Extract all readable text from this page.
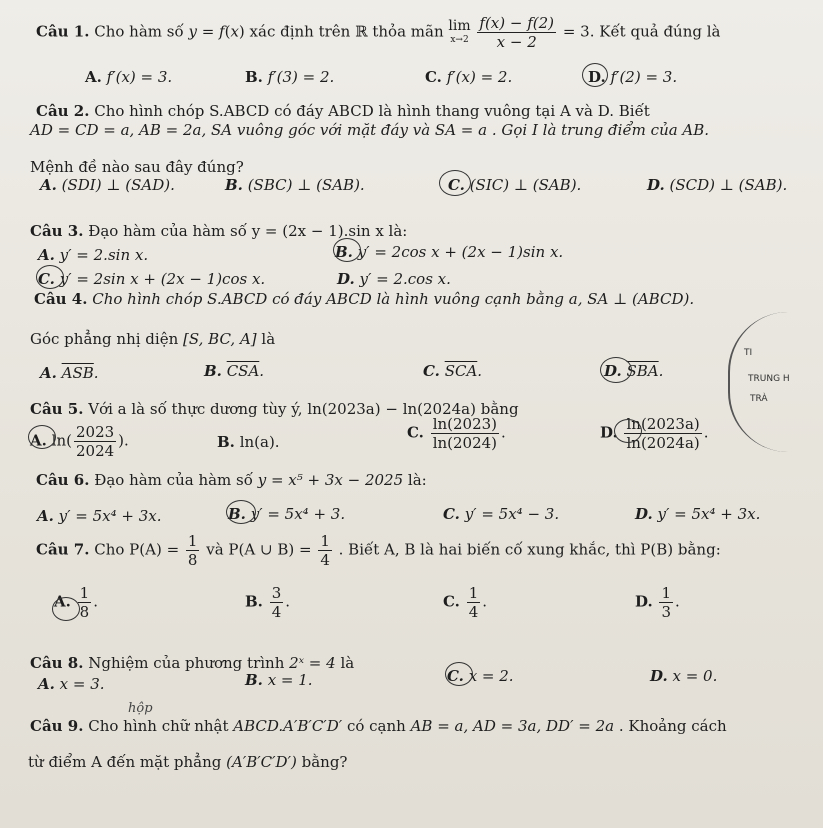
Câu 1. Cho hàm số y = f(x) xác định trên ℝ thỏa mãn lim
x→2
$\frac{f(x) - f(2)}{x - 2} = 3$. Kết quả đúng là
A. f′(x) = 3.	B. f′(3) = 2.	C. f′(x) = 2.	D. f′(2) = 3.
Câu 2. Cho hình chóp S.ABCD có đáy ABCD là hình thang vuông tại A và D. Biết
AD = CD = a, AB = 2a, SA vuông góc với mặt đáy và SA = a . Gọi I là trung điểm của AB.
Mệnh đề nào sau đây đúng?
A. (SDI) ⊥ (SAD).	B. (SBC) ⊥ (SAB).	C. (SIC) ⊥ (SAB).	D. (SCD) ⊥ (SAB).
Câu 3. Đạo hàm của hàm số y = (2x − 1).sin x là:
A. y′ = 2.sin x.	B. y′ = 2cos x + (2x − 1)sin x.
C. y′ = 2sin x + (2x − 1)cos x.	D. y′ = 2.cos x.
Câu 4. Cho hình chóp S.ABCD có đáy ABCD là hình vuông cạnh bằng a, SA ⊥ (ABCD).
Góc phẳng nhị diện [S, BC, A] là
A. $\overline{ASB}$.	B. $\overline{CSA}$.	C. $\overline{SCA}$.	D. $\overline{SBA}$.
Câu 5. Với a là số thực dương tùy ý, ln(2023a) − ln(2024a) bằng
A. $\ln( \frac{2023}{2024}$ ).	B. ln(a).
C. $\frac{\ln(2023)}{\ln(2024)}$ .	D. $\frac{\ln(2023a)}{\ln(2024a)}$ .
Câu 6. Đạo hàm của hàm số y = x⁵ + 3x − 2025 là:
A. y′ = 5x⁴ + 3x.	B. y′ = 5x⁴ + 3.	C. y′ = 5x⁴ − 3.	D. y′ = 5x⁴ + 3x.
Câu 7. Cho $P(A) = \frac{1}{8}$ và P(A ∪ $B) = \frac{1}{4}$ . Biết A, B là hai biến cố xung khắc, thì P(B) bằng:
A. $\frac{1}{8}$ .	B. $\frac{3}{4}$ .	C. $\frac{1}{4}$ .	D. $\frac{1}{3}$ .
Câu 8. Nghiệm của phương trình 2ˣ = 4 là
A. x = 3.	B. x = 1.	C. x = 2.	D. x = 0.
hộp
Câu 9. Cho hình chữ nhật ABCD.A′B′C′D′ có cạnh AB = a, AD = 3a, DD′ = 2a . Khoảng cách
từ điểm A đến mặt phẳng (A′B′C′D′) bằng?
TI
TRUNG H
TRÀ
